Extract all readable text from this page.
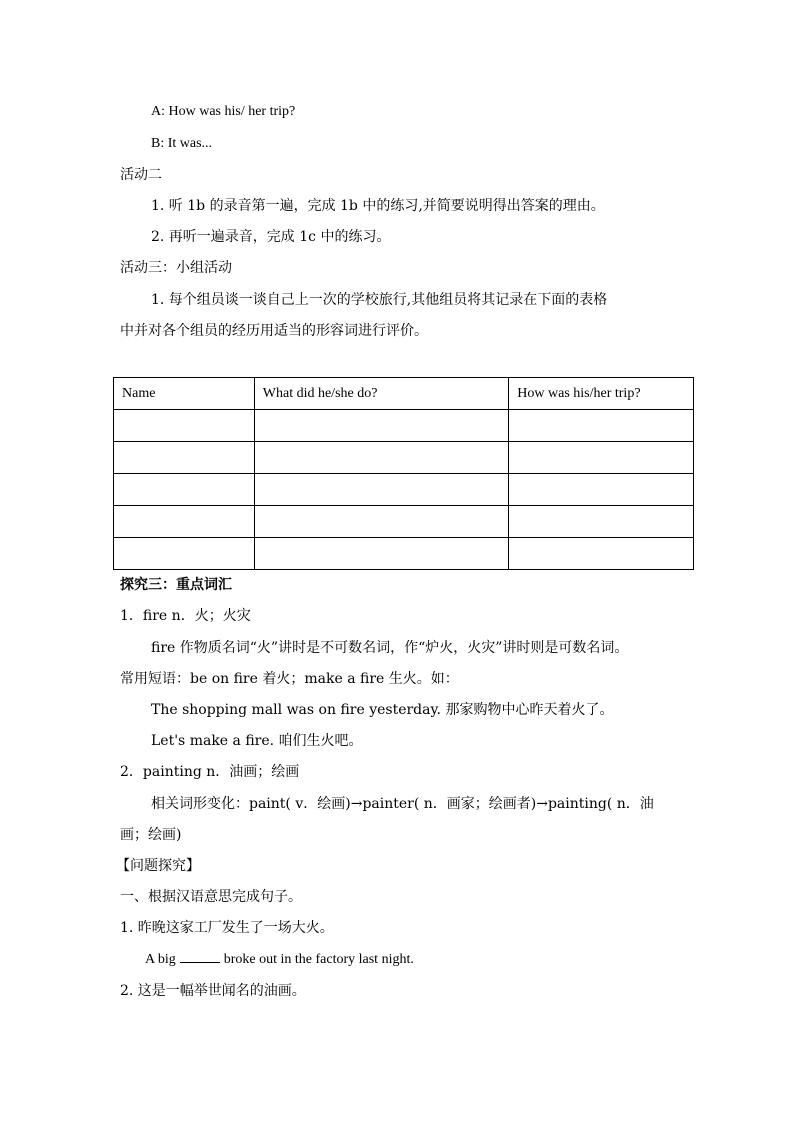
A: How was his/ her trip?
B: It was...
活动二
1. 听 1b 的录音第一遍，完成 1b 中的练习,并简要说明得出答案的理由。
2. 再听一遍录音，完成 1c 中的练习。
活动三：小组活动
1. 每个组员谈一谈自己上一次的学校旅行,其他组员将其记录在下面的表格
中并对各个组员的经历用适当的形容词进行评价。
Name	What did he/she do?	How was his/her trip?

探究三：重点词汇
1．fire n．火；火灾
fire 作物质名词“火”讲时是不可数名词，作“炉火，火灾”讲时则是可数名词。
常用短语：be on fire 着火；make a fire 生火。如：
The shopping mall was on fire yesterday. 那家购物中心昨天着火了。
Let's make a fire. 咱们生火吧。
2．painting n．油画；绘画
相关词形变化：paint( v．绘画)→painter( n．画家；绘画者)→painting( n．油
画；绘画)
【问题探究】
一、根据汉语意思完成句子。
1. 昨晚这家工厂发生了一场大火。
A big	broke out in the factory last night.
2. 这是一幅举世闻名的油画。
